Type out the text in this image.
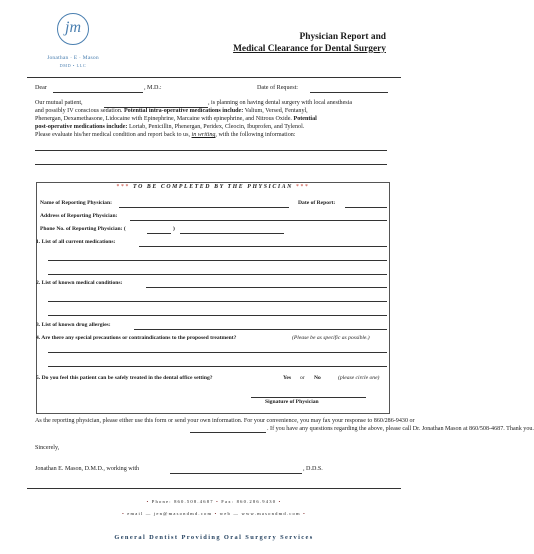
jm
Jonathan · E · Mason
DMD • LLC
Physician Report and
Medical Clearance for Dental Surgery
Dear	, M.D.:	Date of Request:
Our mutual patient,	, is planning on having dental surgery with local anesthesia
and possibly IV conscious sedation. Potential intra-operative medications include: Valium, Versed, Fentanyl,
Phenergan, Dexamethasone, Lidocaine with Epinephrine, Marcaine with epinephrine, and Nitrous Oxide. Potential
post-operative medications include: Lortab, Penicillin, Phenergan, Peridex, Cleocin, Ibuprofen, and Tylenol.
Please evaluate his/her medical condition and report back to us, in writing, with the following information:
*** TO BE COMPLETED BY THE PHYSICIAN ***
Name of Reporting Physician:	Date of Report:
Address of Reporting Physician:
Phone No. of Reporting Physician: (	)
1. List of all current medications:
2. List of known medical conditions:
3. List of known drug allergies:
4. Are there any special precautions or contraindications to the proposed treatment?	(Please be as specific as possible.)
5. Do you feel this patient can be safely treated in the dental office setting?	Yes or No	(please circle one)
Signature of Physician
As the reporting physician, please either use this form or send your own information. For your convenience, you may fax your response to 860/286-9430 or
. If you have any questions regarding the above, please call Dr. Jonathan Mason at 860/508-4687. Thank you.
Sincerely,
Jonathan E. Mason, D.M.D., working with	, D.D.S.
• Phone: 860.508.4687 • Fax: 860.286.9430 •
• email — jen@masondmd.com • web — www.masondmd.com •
General Dentist Providing Oral Surgery Services
